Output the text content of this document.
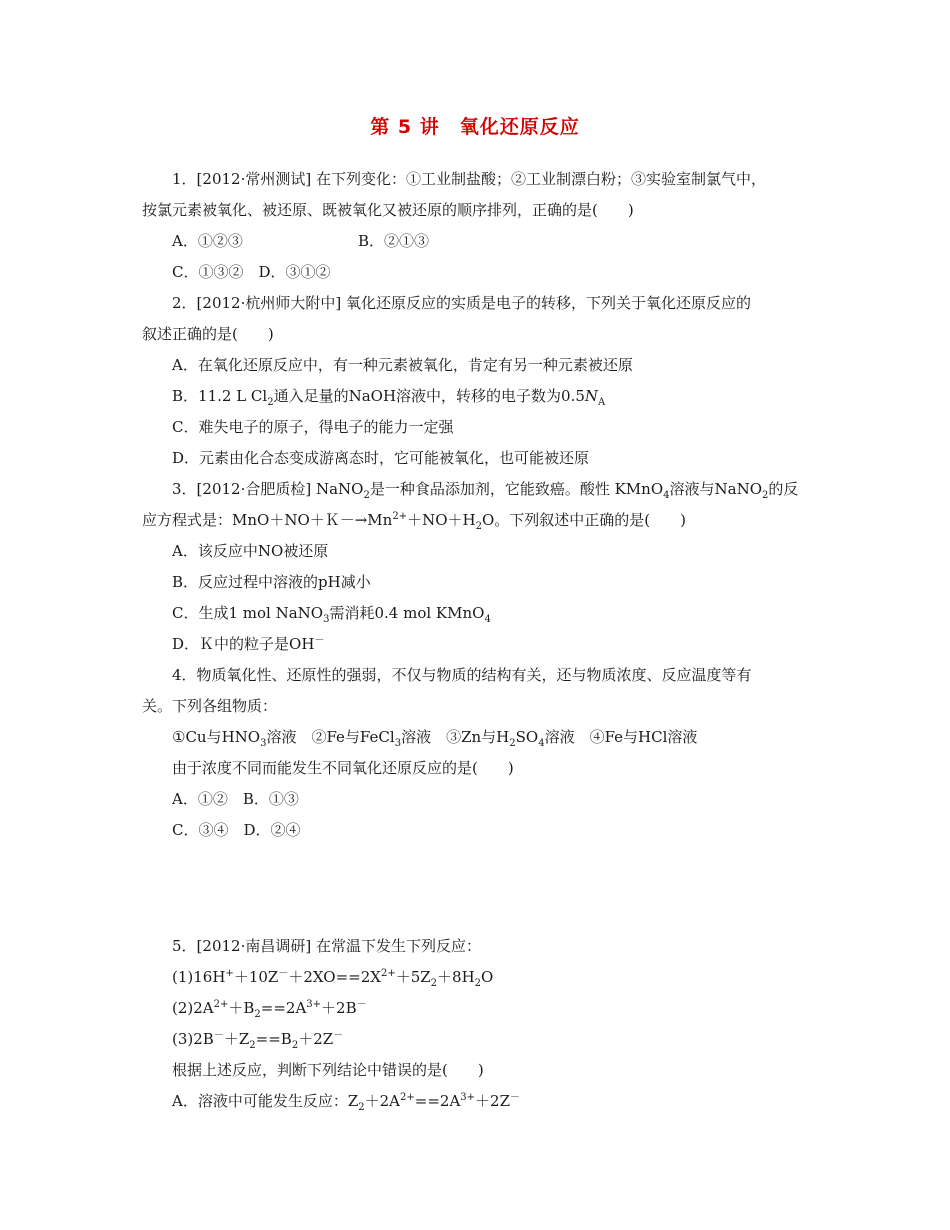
第 5 讲　氧化还原反应
1．[2012·常州测试] 在下列变化：①工业制盐酸；②工业制漂白粉；③实验室制氯气中，
按氯元素被氧化、被还原、既被氧化又被还原的顺序排列，正确的是(　　)
A．①②③	B．②①③
C．①③②　D．③①②
2．[2012·杭州师大附中] 氧化还原反应的实质是电子的转移，下列关于氧化还原反应的
叙述正确的是(　　)
A．在氧化还原反应中，有一种元素被氧化，肯定有另一种元素被还原
B．11.2 L $Cl_2$通入足量的NaOH溶液中，转移的电子数为$0.5N_A$
C．难失电子的原子，得电子的能力一定强
D．元素由化合态变成游离态时，它可能被氧化，也可能被还原
3．[2012·合肥质检] NaNO$_2$是一种食品添加剂，它能致癌。酸性 KMnO$_4$溶液与NaNO$_2$的反
应方程式是：$MnO+NO+K-\to Mn^{2+}+NO+H_2O$。下列叙述中正确的是(　　)
A．该反应中NO被还原
B．反应过程中溶液的pH减小
C．生成1 mol NaNO$_3$需消耗0.4 mol KMnO$_4$
D．Ｋ中的粒子是OH－
4．物质氧化性、还原性的强弱，不仅与物质的结构有关，还与物质浓度、反应温度等有
关。下列各组物质：
①Cu与$HNO_3$溶液　②Fe与FeCl$_3$溶液　③Zn与$H_2SO_4$溶液　④Fe与HCl溶液
由于浓度不同而能发生不同氧化还原反应的是(　　)
A．①②　B．①③
C．③④　D．②④
5．[2012·南昌调研] 在常温下发生下列反应：
$(1)16H^++10Z^-+2XO==2X^{2+}+5Z_2+8H_2O$
$(2)2A^{2+}+B_2==2A^{3+}+2B^-$
$(3)2B^-+Z_2==B_2+2Z^-$
根据上述反应，判断下列结论中错误的是(　　)
A．溶液中可能发生反应：$Z_2+2A^{2+}==2A^{3+}+2Z^-$
